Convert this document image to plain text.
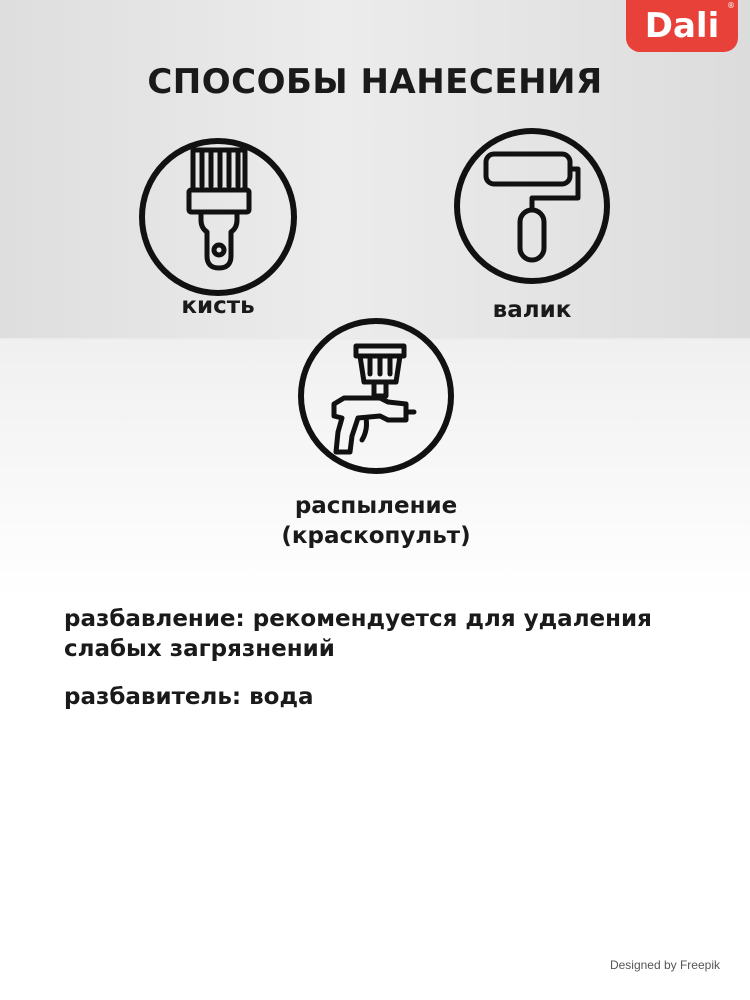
Dali
®
СПОСОБЫ НАНЕСЕНИЯ
кисть	валик
распыление
(краскопульт)
разбавление: рекомендуется для удаления
слабых загрязнений
разбавитель: вода
Designed by Freepik
